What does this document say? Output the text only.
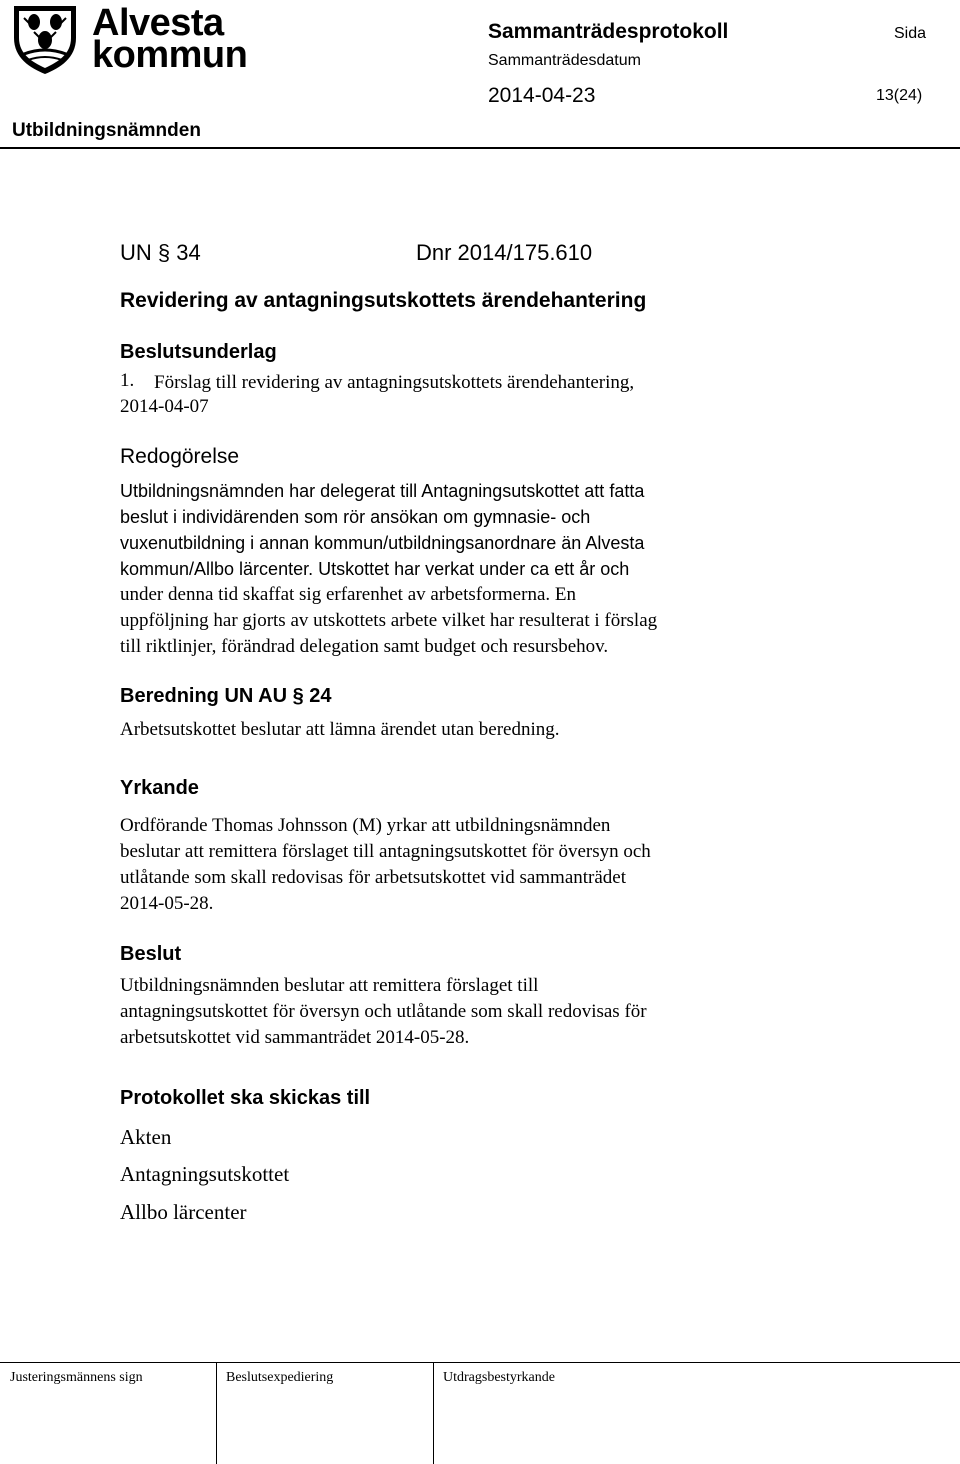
Alvesta
kommun
Sammanträdesprotokoll	Sida
Sammanträdesdatum
2014-04-23	13(24)
Utbildningsnämnden
UN § 34	Dnr 2014/175.610
Revidering av antagningsutskottets ärendehantering
Beslutsunderlag
1. Förslag till revidering av antagningsutskottets ärendehantering,
2014-04-07
Redogörelse
Utbildningsnämnden har delegerat till Antagningsutskottet att fatta
beslut i individärenden som rör ansökan om gymnasie- och
vuxenutbildning i annan kommun/utbildningsanordnare än Alvesta
kommun/Allbo lärcenter. Utskottet har verkat under ca ett år och
under denna tid skaffat sig erfarenhet av arbetsformerna. En
uppföljning har gjorts av utskottets arbete vilket har resulterat i förslag
till riktlinjer, förändrad delegation samt budget och resursbehov.
Beredning UN AU § 24
Arbetsutskottet beslutar att lämna ärendet utan beredning.
Yrkande
Ordförande Thomas Johnsson (M) yrkar att utbildningsnämnden
beslutar att remittera förslaget till antagningsutskottet för översyn och
utlåtande som skall redovisas för arbetsutskottet vid sammanträdet
2014-05-28.
Beslut
Utbildningsnämnden beslutar att remittera förslaget till
antagningsutskottet för översyn och utlåtande som skall redovisas för
arbetsutskottet vid sammanträdet 2014-05-28.
Protokollet ska skickas till
Akten
Antagningsutskottet
Allbo lärcenter
Justeringsmännens sign	Beslutsexpediering	Utdragsbestyrkande
